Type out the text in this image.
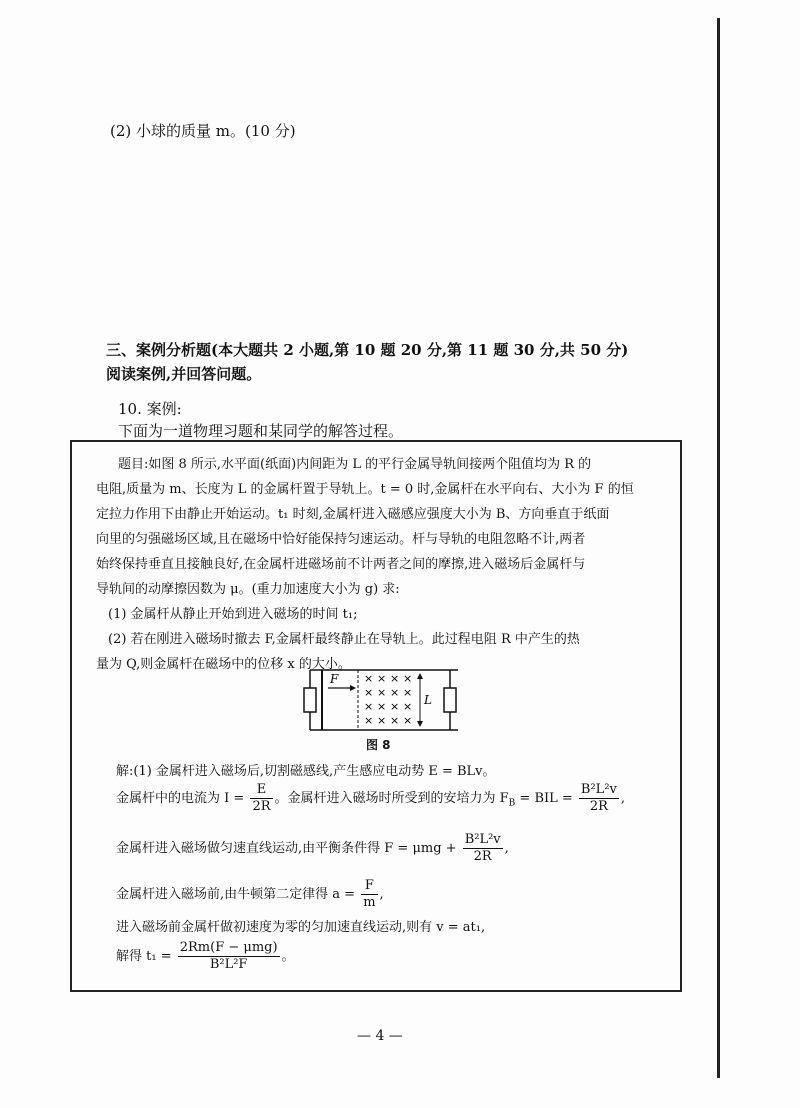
(2) 小球的质量 m。(10 分)
三、案例分析题(本大题共 2 小题,第 10 题 20 分,第 11 题 30 分,共 50 分)
阅读案例,并回答问题。
10. 案例:
下面为一道物理习题和某同学的解答过程。
题目:如图 8 所示,水平面(纸面)内间距为 L 的平行金属导轨间接两个阻值均为 R 的
电阻,质量为 m、长度为 L 的金属杆置于导轨上。t = 0 时,金属杆在水平向右、大小为 F 的恒
定拉力作用下由静止开始运动。t₁ 时刻,金属杆进入磁感应强度大小为 B、方向垂直于纸面
向里的匀强磁场区域,且在磁场中恰好能保持匀速运动。杆与导轨的电阻忽略不计,两者
始终保持垂直且接触良好,在金属杆进磁场前不计两者之间的摩擦,进入磁场后金属杆与
导轨间的动摩擦因数为 μ。(重力加速度大小为 g) 求:
(1) 金属杆从静止开始到进入磁场的时间 t₁;
(2) 若在刚进入磁场时撤去 F,金属杆最终静止在导轨上。此过程电阻 R 中产生的热
量为 Q,则金属杆在磁场中的位移 x 的大小。
F × × × ×
× × × ×
× × × ×
× × × ×
L
图 8
解:(1) 金属杆进入磁场后,切割磁感线,产生感应电动势 E = BLv。
金属杆中的电流为 $I = \frac{E}{2R}$ 。金属杆进入磁场时所受到的安培力为 $F_B$ = BIL = $\frac{\text{B²L²v}}{2R}$ ,
金属杆进入磁场做匀速直线运动,由平衡条件得 $F = \mu mg + \frac{\text{B²L²v}}{2R}$ ,
金属杆进入磁场前,由牛顿第二定律得 $a = \frac{F}{m}$ ,
进入磁场前金属杆做初速度为零的匀加速直线运动,则有 v = at₁,
解得 $t_1 = \frac{\text{2Rm(F − μmg)}}{\text{B²L²F}}$ 。
— 4 —
